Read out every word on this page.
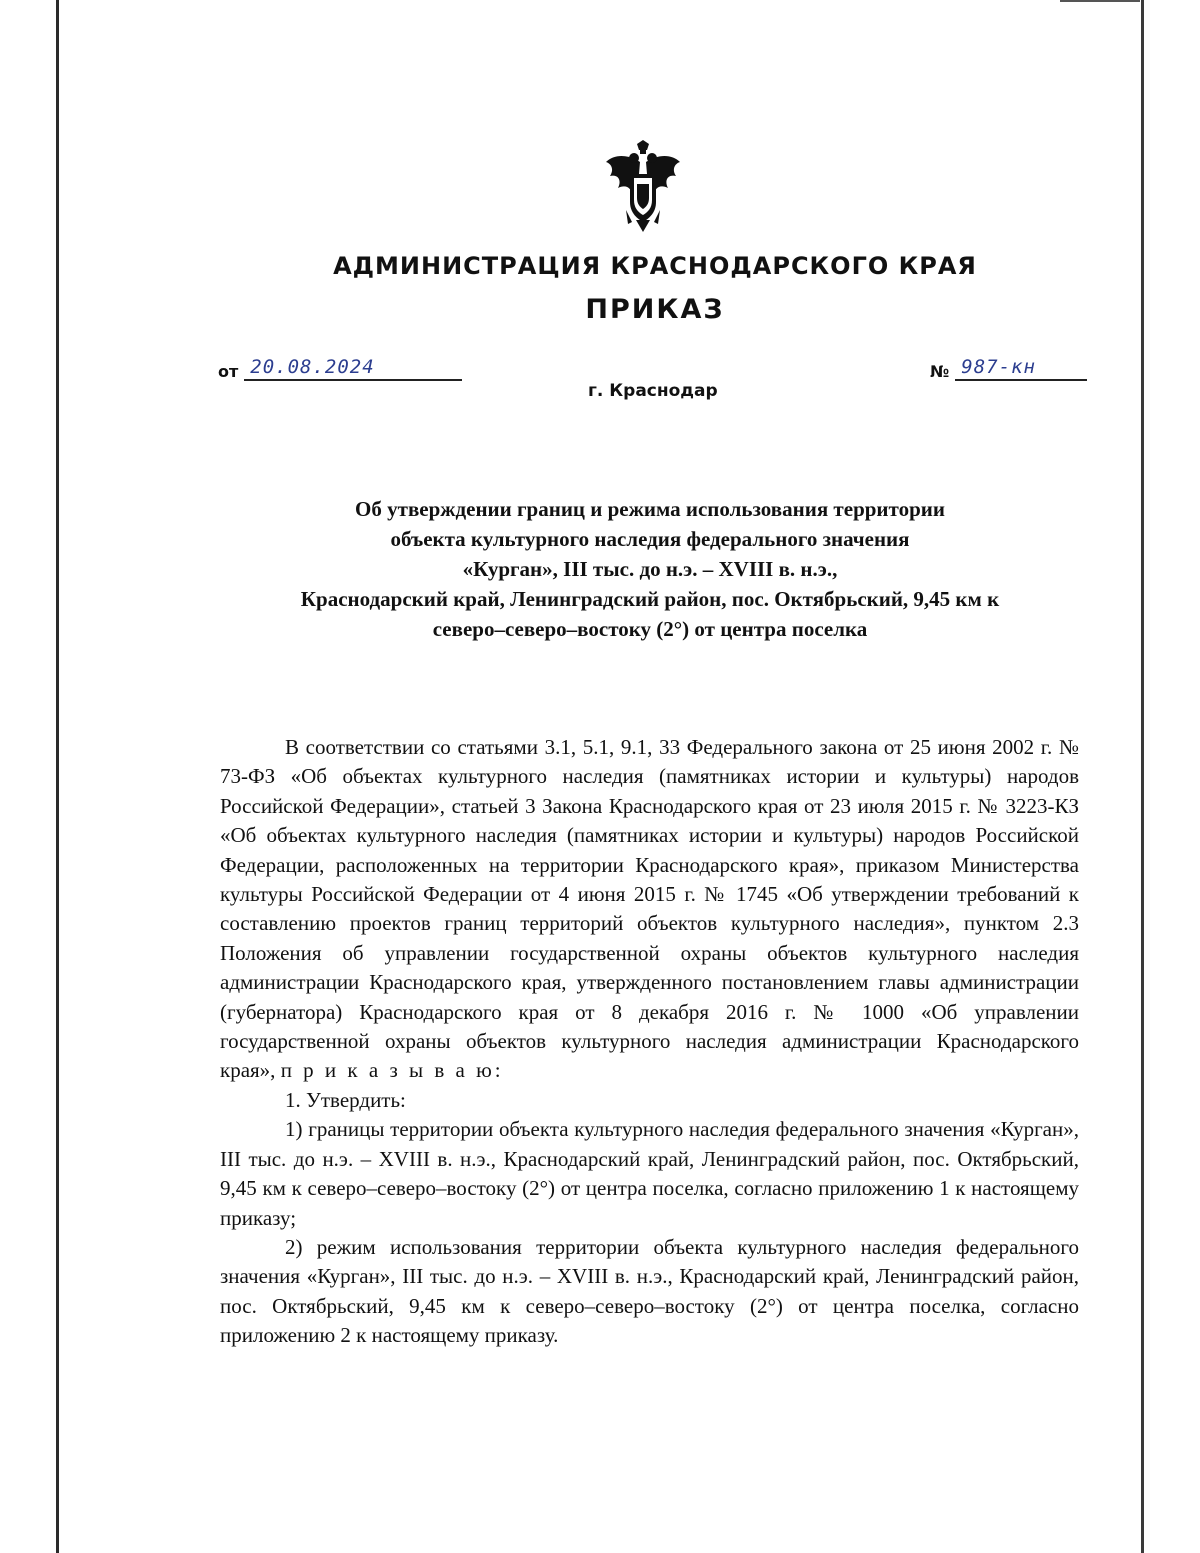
АДМИНИСТРАЦИЯ КРАСНОДАРСКОГО КРАЯ
ПРИКАЗ
от 20.08.2024	№ 987-кн
г. Краснодар
Об утверждении границ и режима использования территории
объекта культурного наследия федерального значения
«Курган», III тыс. до н.э. – XVIII в. н.э.,
Краснодарский край, Ленинградский район, пос. Октябрьский, 9,45 км к
северо–северо–востоку (2°) от центра поселка

В соответствии со статьями 3.1, 5.1, 9.1, 33 Федерального закона от 25 июня 2002 г. № 73-ФЗ «Об объектах культурного наследия (памятниках истории и культуры) народов Российской Федерации», статьей 3 Закона Краснодарского края от 23 июля 2015 г. № 3223-КЗ «Об объектах культурного наследия (памятниках истории и культуры) народов Российской Федерации, расположенных на территории Краснодарского края», приказом Министерства культуры Российской Федерации от 4 июня 2015 г. № 1745 «Об утверждении требований к составлению проектов границ территорий объектов культурного наследия», пунктом 2.3 Положения об управлении государственной охраны объектов культурного наследия администрации Краснодарского края, утвержденного постановлением главы администрации (губернатора) Краснодарского края от 8 декабря 2016 г. № 1000 «Об управлении государственной охраны объектов культурного наследия администрации Краснодарского края», п р и к а з ы в а ю:

1. Утвердить:

1) границы территории объекта культурного наследия федерального значения «Курган», III тыс. до н.э. – XVIII в. н.э., Краснодарский край, Ленинградский район, пос. Октябрьский, 9,45 км к северо–северо–востоку (2°) от центра поселка, согласно приложению 1 к настоящему приказу;

2) режим использования территории объекта культурного наследия федерального значения «Курган», III тыс. до н.э. – XVIII в. н.э., Краснодарский край, Ленинградский район, пос. Октябрьский, 9,45 км к северо–северо–востоку (2°) от центра поселка, согласно приложению 2 к настоящему приказу.
